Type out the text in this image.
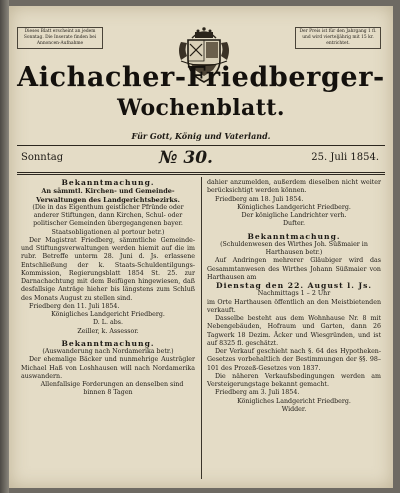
Dieses Blatt erscheint an jedem Sonntag. Die Inserate finden bei Annoncen-Aufnahme
Der Preis ist für den Jahrgang 1 fl. und wird vierteljährig mit 15 kr. entrichtet.
Aichacher-Friedberger-
Wochenblatt.
Für Gott, König und Vaterland.
Sonntag	№ 30.	25. Juli 1854.

Bekanntmachung.

An sämmtl. Kirchen- und Gemeinde-Verwaltungen des Landgerichtsbezirks.

(Die in das Eigenthum geistlicher Pfründe oder anderer Stiftungen, dann Kirchen, Schul- oder politischer Gemeinden übergegangenen bayer. Staatsobligationen al portour betr.)

Der Magistrat Friedberg, sämmtliche Gemeinde- und Stiftungsverwaltungen werden hiemit auf die im rubr. Betreffe unterm 28. Juni d. Js. erlassene Entschließung der k. Staats-Schuldentilgungs-Kommission, Regierungsblatt 1854 St. 25. zur Darnachachtung mit dem Beifügen hingewiesen, daß desfallsige Anträge hieher bis längstens zum Schluß des Monats August zu stellen sind.

Friedberg den 11. Juli 1854.

Königliches Landgericht Friedberg.

D. L. abs.

Zeiller, k. Assessor.

Bekanntmachung.

(Auswanderung nach Nordamerika betr.)

Der ehemalige Bäcker und nunmehrige Austrägler Michael Haß von Loshhausen will nach Nordamerika auswandern.

Allenfallsige Forderungen an denselben sind binnen 8 Tagen

dahier anzumelden, außerdem dieselben nicht weiter berücksichtigt werden können.

Friedberg am 18. Juli 1854.

Königliches Landgericht Friedberg.

Der königliche Landrichter verh.

Dufter.

Bekanntmachung.

(Schuldenwesen des Wirthes Joh. Süßmaier in Harthausen betr.)

Auf Andringen mehrerer Gläubiger wird das Gesammtanwesen des Wirthes Johann Süßmaier von Harthausen am

Dienstag den 22. August l. Js.

Nachmittags 1 – 2 Uhr

im Orte Harthausen öffentlich an den Meistbietenden verkauft.

Dasselbe besteht aus dem Wohnhause Nr. 8 mit Nebengebäuden, Hofraum und Garten, dann 26 Tagwerk 18 Dezim. Äcker und Wiesgründen, und ist auf 8325 fl. geschätzt.

Der Verkauf geschieht nach §. 64 des Hypotheken-Gesetzes vorbehaltlich der Bestimmungen der §§. 98–101 des Prozeß-Gesetzes von 1837.

Die näheren Verkaufsbedingungen werden am Versteigerungstage bekannt gemacht.

Friedberg am 3. Juli 1854.

Königliches Landgericht Friedberg.

Widder.
